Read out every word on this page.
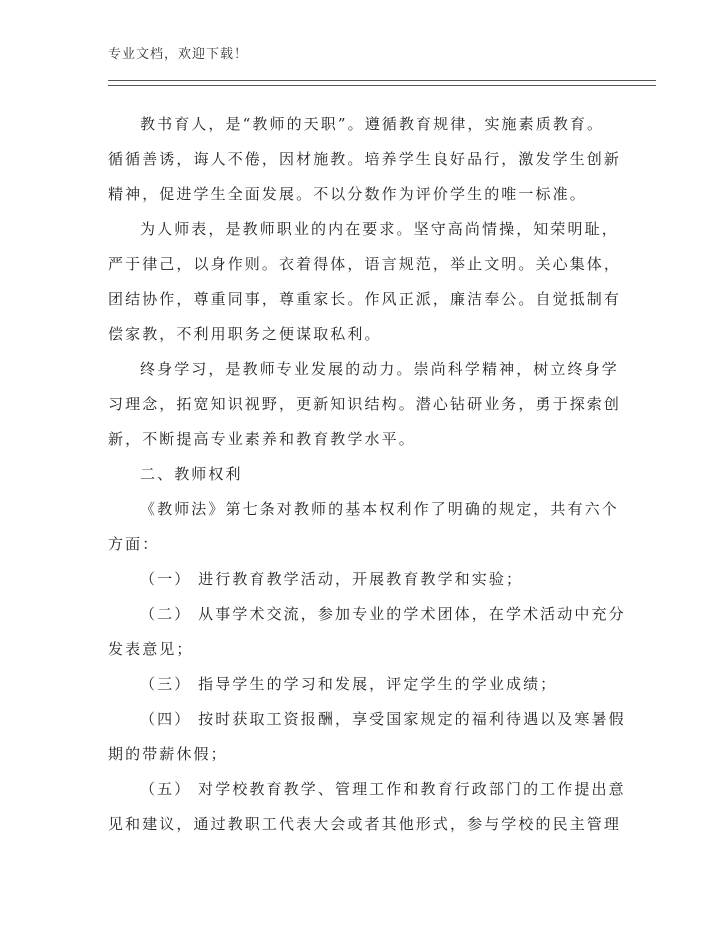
专业文档，欢迎下载！

教书育人，是“教师的天职”。遵循教育规律，实施素质教育。

循循善诱，诲人不倦，因材施教。培养学生良好品行，激发学生创新

精神，促进学生全面发展。不以分数作为评价学生的唯一标准。

为人师表，是教师职业的内在要求。坚守高尚情操，知荣明耻，

严于律己，以身作则。衣着得体，语言规范，举止文明。关心集体，

团结协作，尊重同事，尊重家长。作风正派，廉洁奉公。自觉抵制有

偿家教，不利用职务之便谋取私利。

终身学习，是教师专业发展的动力。崇尚科学精神，树立终身学

习理念，拓宽知识视野，更新知识结构。潜心钻研业务，勇于探索创

新，不断提高专业素养和教育教学水平。

二、教师权利

《教师法》第七条对教师的基本权利作了明确的规定，共有六个

方面：

（一） 进行教育教学活动，开展教育教学和实验；

（二） 从事学术交流，参加专业的学术团体，在学术活动中充分

发表意见；

（三） 指导学生的学习和发展，评定学生的学业成绩；

（四） 按时获取工资报酬，享受国家规定的福利待遇以及寒暑假

期的带薪休假；

（五） 对学校教育教学、管理工作和教育行政部门的工作提出意

见和建议，通过教职工代表大会或者其他形式，参与学校的民主管理
